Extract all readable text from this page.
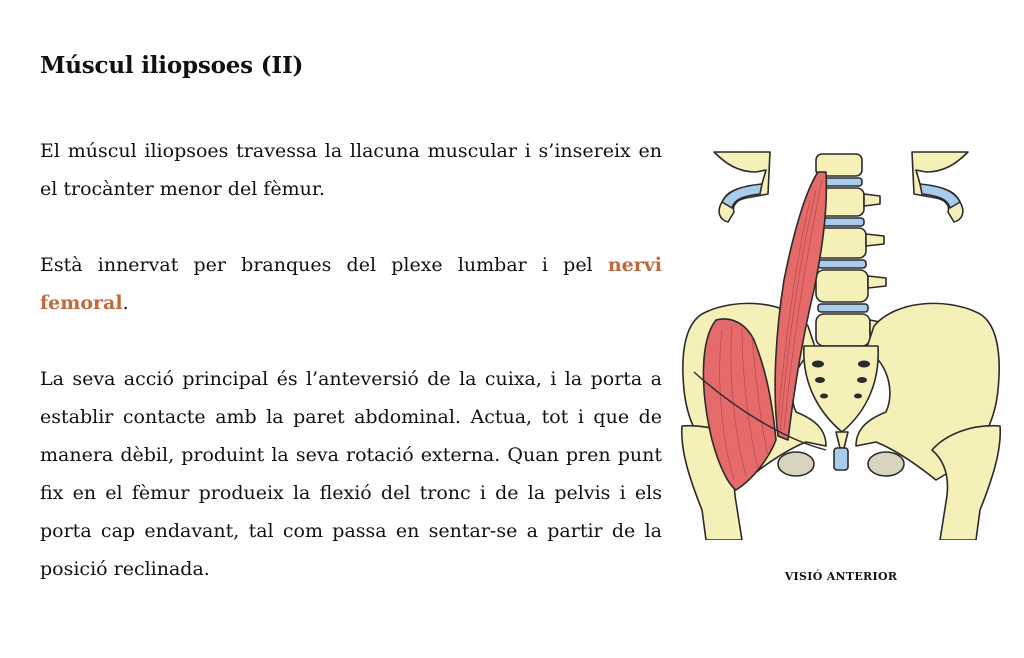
Múscul iliopsoes (II)

El múscul iliopsoes travessa la llacuna muscular i s’insereix en el trocànter menor del fèmur.

Està innervat per branques del plexe lumbar i pel nervi femoral.

La seva acció principal és l’anteversió de la cuixa, i la porta a establir contacte amb la paret abdominal. Actua, tot i que de manera dèbil, produint la seva rotació externa. Quan pren punt fix en el fèmur produeix la flexió del tronc i de la pelvis i els porta cap endavant, tal com passa en sentar-se a partir de la posició reclinada.	VISIÓ ANTERIOR
